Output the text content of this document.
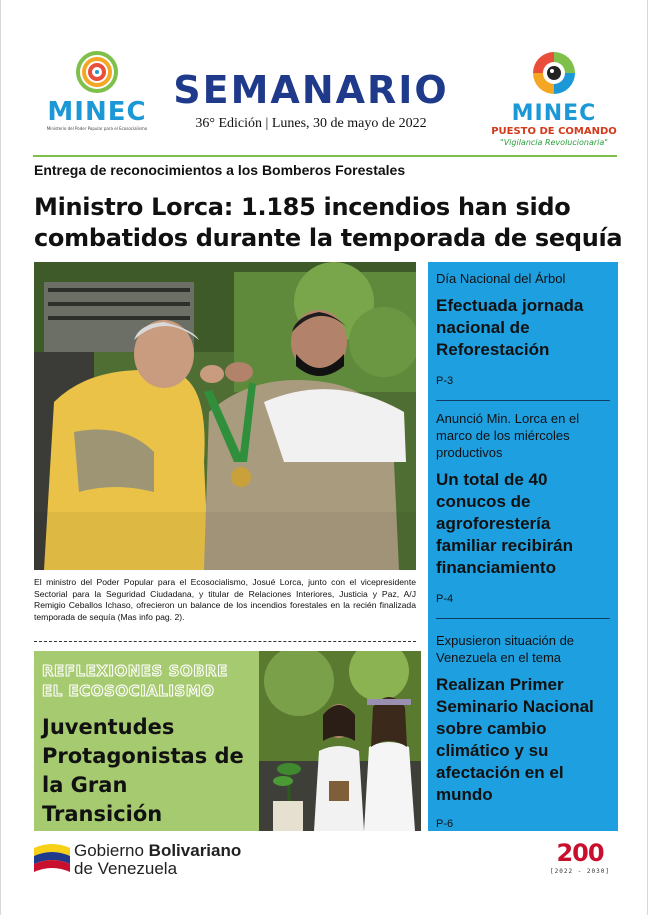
MINEC
Ministerio del Poder Popular para el Ecosocialismo
SEMANARIO
36° Edición | Lunes, 30 de mayo de 2022	MINEC
PUESTO DE COMANDO
"Vigilancia Revolucionaria"
Entrega de reconocimientos a los Bomberos Forestales
Ministro Lorca: 1.185 incendios han sido combatidos durante la temporada de sequía
El ministro del Poder Popular para el Ecosocialismo, Josué Lorca, junto con el vicepresidente Sectorial para la Seguridad Ciudadana, y titular de Relaciones Interiores, Justicia y Paz, A/J Remigio Ceballos Ichaso, ofrecieron un balance de los incendios forestales en la recién finalizada temporada de sequía (Mas info pag. 2).
REFLEXIONES SOBRE EL ECOSOCIALISMO
Juventudes Protagonistas de la Gran Transición
Día Nacional del Árbol
Efectuada jornada nacional de Reforestación
P-3
Anunció Min. Lorca en el marco de los miércoles productivos
Un total de 40 conucos de agroforestería familiar recibirán financiamiento
P-4
Expusieron situación de Venezuela en el tema
Realizan Primer Seminario Nacional sobre cambio climático y su afectación en el mundo
P-6
Gobierno Bolivariano
de Venezuela
200
[2022 - 2030]
